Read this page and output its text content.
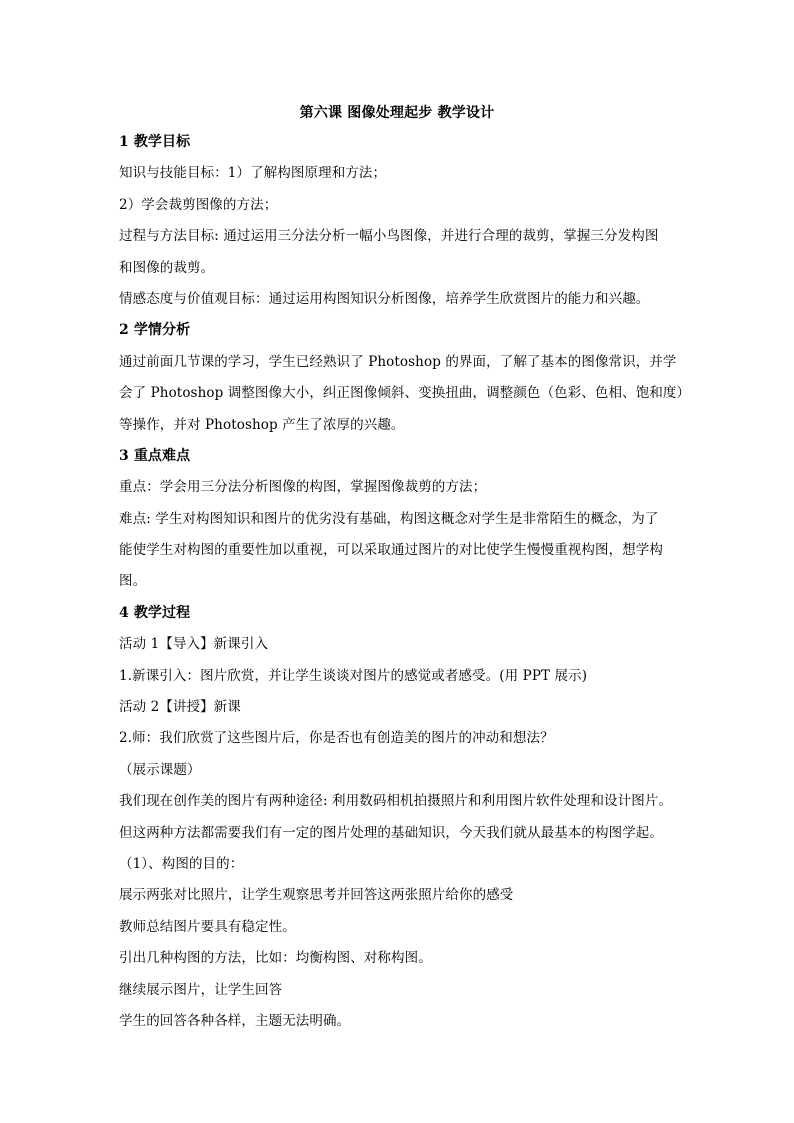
第六课 图像处理起步 教学设计
1 教学目标
知识与技能目标：1）了解构图原理和方法；
2）学会裁剪图像的方法；
过程与方法目标: 通过运用三分法分析一幅小鸟图像，并进行合理的裁剪，掌握三分发构图
和图像的裁剪。
情感态度与价值观目标：通过运用构图知识分析图像，培养学生欣赏图片的能力和兴趣。
2 学情分析
通过前面几节课的学习，学生已经熟识了 Photoshop 的界面，了解了基本的图像常识，并学
会了 Photoshop 调整图像大小，纠正图像倾斜、变换扭曲，调整颜色（色彩、色相、饱和度）
等操作，并对 Photoshop 产生了浓厚的兴趣。
3 重点难点
重点：学会用三分法分析图像的构图，掌握图像裁剪的方法；
难点: 学生对构图知识和图片的优劣没有基础，构图这概念对学生是非常陌生的概念，为了
能使学生对构图的重要性加以重视，可以采取通过图片的对比使学生慢慢重视构图，想学构
图。
4 教学过程
活动 1【导入】新课引入
1.新课引入：图片欣赏，并让学生谈谈对图片的感觉或者感受。(用 PPT 展示)
活动 2【讲授】新课
2.师：我们欣赏了这些图片后，你是否也有创造美的图片的冲动和想法？
（展示课题）
我们现在创作美的图片有两种途径: 利用数码相机拍摄照片和利用图片软件处理和设计图片。
但这两种方法都需要我们有一定的图片处理的基础知识，今天我们就从最基本的构图学起。
（1）、构图的目的：
展示两张对比照片，让学生观察思考并回答这两张照片给你的感受
教师总结图片要具有稳定性。
引出几种构图的方法，比如：均衡构图、对称构图。
继续展示图片，让学生回答
学生的回答各种各样，主题无法明确。
